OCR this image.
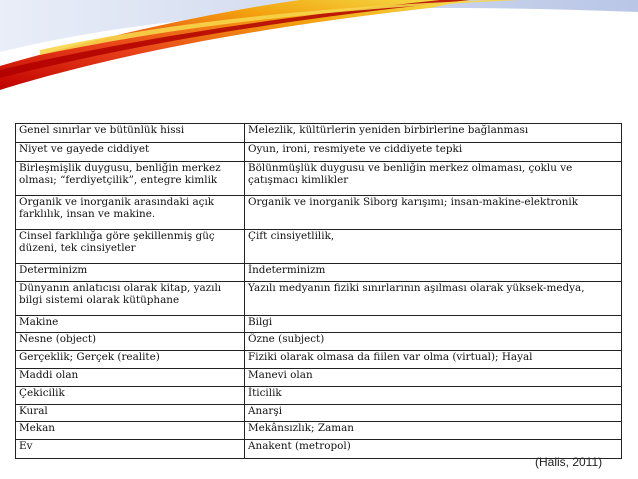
Genel sınırlar ve bütünlük hissi	Melezlik, kültürlerin yeniden birbirlerine bağlanması
Niyet ve gayede ciddiyet	Oyun, ironi, resmiyete ve ciddiyete tepki
Birleşmişlik duygusu, benliğin merkez olması; “ferdiyetçilik”, entegre kimlik	Bölünmüşlük duygusu ve benliğin merkez olmaması, çoklu ve çatışmacı kimlikler
Organik ve inorganik arasındaki açık farklılık, insan ve makine.	Organik ve inorganik Siborg karışımı; insan-makine-elektronik
Cinsel farklılığa göre şekillenmiş güç düzeni, tek cinsiyetler	Çift cinsiyetlilik,
Determinizm	İndeterminizm
Dünyanın anlatıcısı olarak kitap, yazılı bilgi sistemi olarak kütüphane	Yazılı medyanın fiziki sınırlarının aşılması olarak yüksek-medya,
Makine	Bilgi
Nesne (object)	Özne (subject)
Gerçeklik; Gerçek (realite)	Fiziki olarak olmasa da fiilen var olma (virtual); Hayal
Maddi olan	Manevi olan
Çekicilik	İticilik
Kural	Anarşi
Mekan	Mekânsızlık; Zaman
Ev	Anakent (metropol)
(Halis, 2011)
